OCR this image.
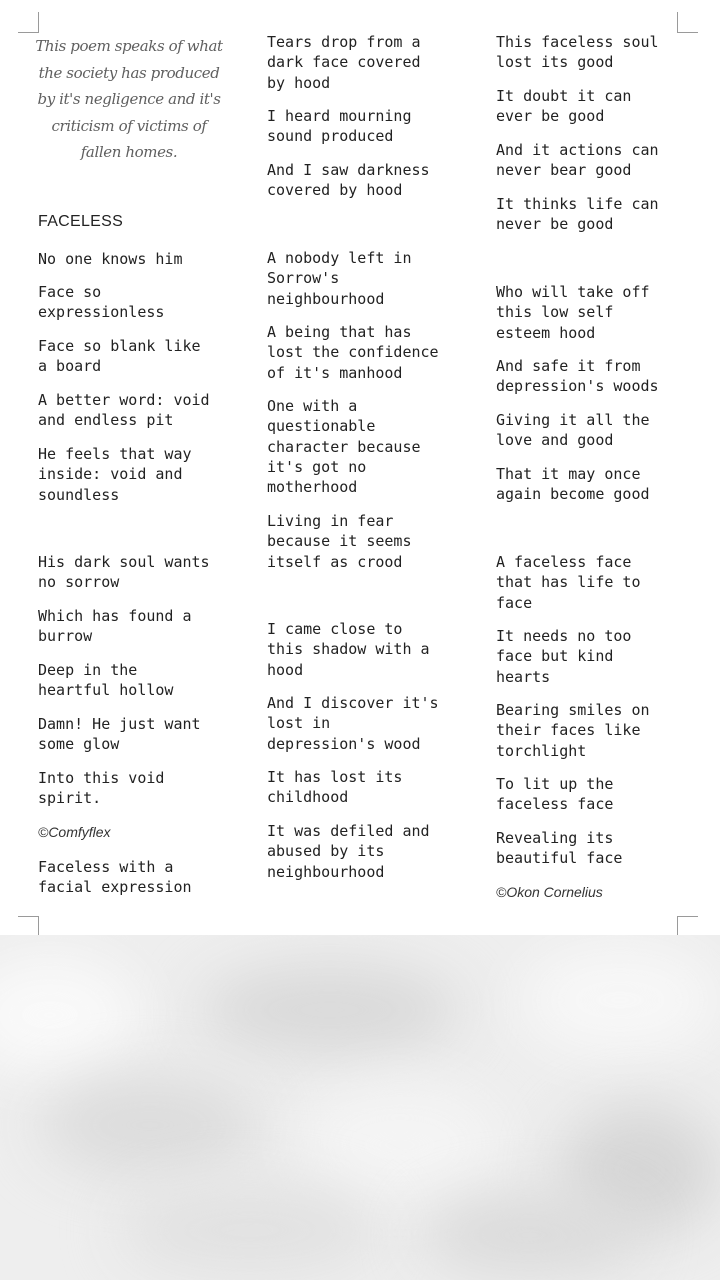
This poem speaks of what
the society has produced
by it's negligence and it's
criticism of victims of
fallen homes.
FACELESS

No one knows him

Face so
expressionless

Face so blank like
a board

A better word: void
and endless pit

He feels that way
inside: void and
soundless

His dark soul wants
no sorrow

Which has found a
burrow

Deep in the
heartful hollow

Damn! He just want
some glow

Into this void
spirit.

©Comfyflex

Faceless with a
facial expression

Tears drop from a
dark face covered
by hood

I heard mourning
sound produced

And I saw darkness
covered by hood

A nobody left in
Sorrow's
neighbourhood

A being that has
lost the confidence
of it's manhood

One with a
questionable
character because
it's got no
motherhood

Living in fear
because it seems
itself as crood

I came close to
this shadow with a
hood

And I discover it's
lost in
depression's wood

It has lost its
childhood

It was defiled and
abused by its
neighbourhood

This faceless soul
lost its good

It doubt it can
ever be good

And it actions can
never bear good

It thinks life can
never be good

Who will take off
this low self
esteem hood

And safe it from
depression's woods

Giving it all the
love and good

That it may once
again become good

A faceless face
that has life to
face

It needs no too
face but kind
hearts

Bearing smiles on
their faces like
torchlight

To lit up the
faceless face

Revealing its
beautiful face

©Okon Cornelius
